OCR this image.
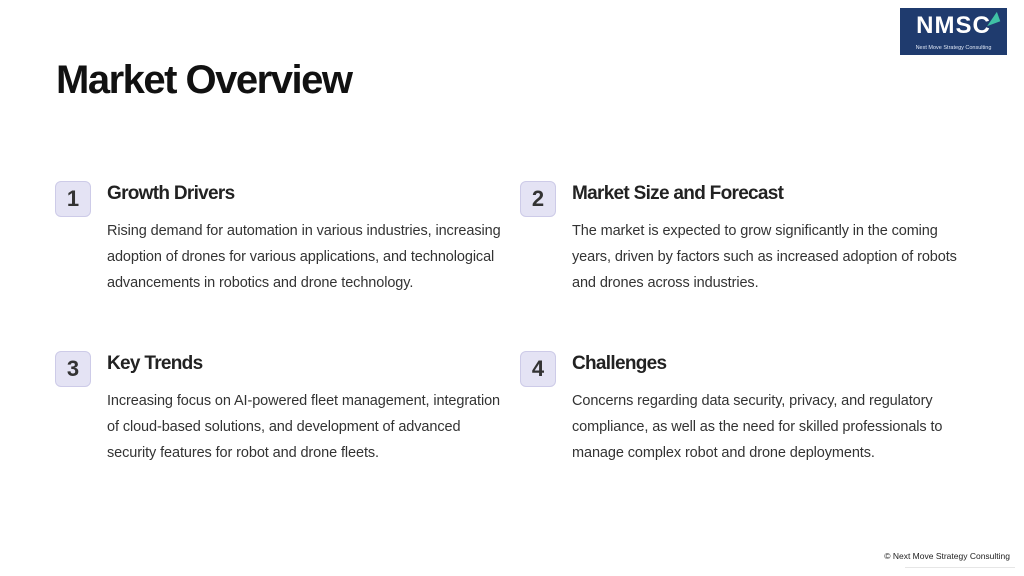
Market Overview
NMSC
Next Move Strategy Consulting
1	Growth Drivers

Rising demand for automation in various industries, increasing adoption of drones for various applications, and technological advancements in robotics and drone technology.

2	Market Size and Forecast

The market is expected to grow significantly in the coming years, driven by factors such as increased adoption of robots and drones across industries.

3	Key Trends

Increasing focus on AI-powered fleet management, integration of cloud-based solutions, and development of advanced security features for robot and drone fleets.

4	Challenges

Concerns regarding data security, privacy, and regulatory compliance, as well as the need for skilled professionals to manage complex robot and drone deployments.

© Next Move Strategy Consulting
